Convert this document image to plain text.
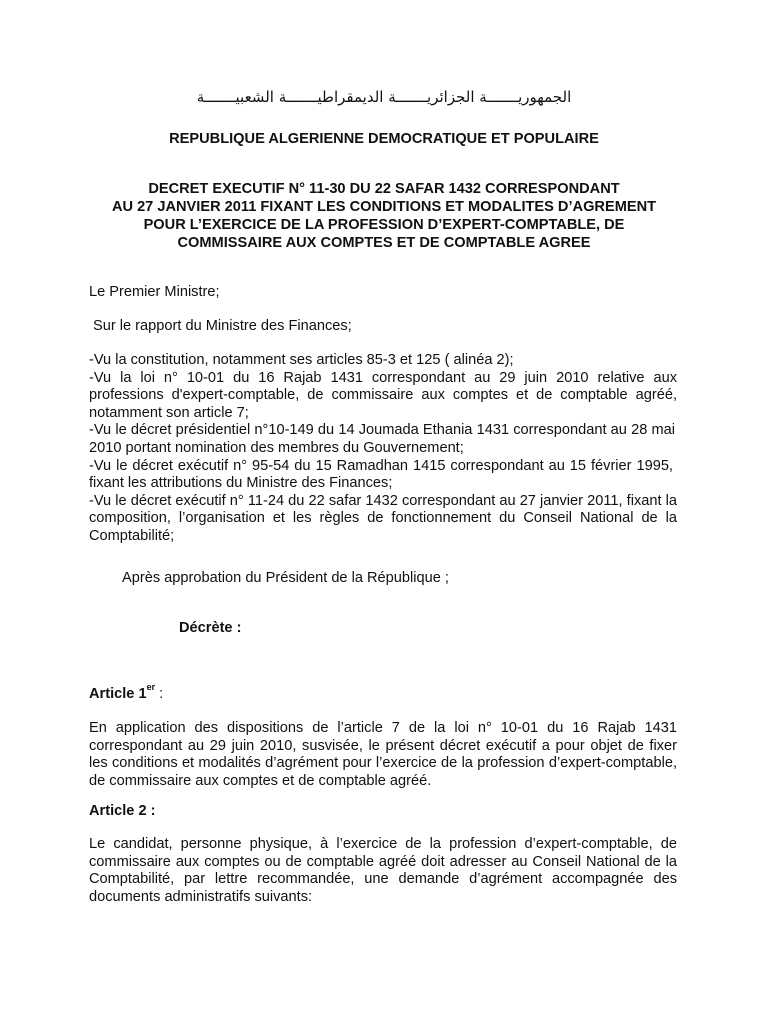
الجمهوريـــــــة الجزائريـــــــة الديمقراطيـــــــة الشعبيـــــــة
REPUBLIQUE ALGERIENNE DEMOCRATIQUE ET POPULAIRE
DECRET EXECUTIF N° 11-30 DU 22 SAFAR 1432 CORRESPONDANT
AU 27 JANVIER 2011 FIXANT LES CONDITIONS ET MODALITES D’AGREMENT
POUR L’EXERCICE DE LA PROFESSION D’EXPERT-COMPTABLE, DE
COMMISSAIRE AUX COMPTES ET DE COMPTABLE AGREE
Le Premier Ministre;
Sur le rapport du Ministre des Finances;

-Vu la constitution, notamment ses articles 85-3 et 125 ( alinéa 2);

-Vu la loi n° 10-01 du 16 Rajab 1431 correspondant au 29 juin 2010 relative aux professions d'expert-comptable, de commissaire aux comptes et de comptable agréé, notamment son article 7;

-Vu le décret présidentiel n°10-149 du 14 Joumada Ethania 1431 correspondant au 28 mai 2010 portant nomination des membres du Gouvernement;

-Vu le décret exécutif n° 95-54 du 15 Ramadhan 1415 correspondant au 15 février 1995, fixant les attributions du Ministre des Finances;

-Vu le décret exécutif n° 11-24 du 22 safar 1432 correspondant au 27 janvier 2011, fixant la composition, l’organisation et les règles de fonctionnement du Conseil National de la Comptabilité;

Après approbation du Président de la République ;
Décrète :
Article 1er :
En application des dispositions de l’article 7 de la loi n° 10-01 du 16 Rajab 1431 correspondant au 29 juin 2010, susvisée, le présent décret exécutif a pour objet de fixer les conditions et modalités d’agrément pour l’exercice de la profession d’expert-comptable, de commissaire aux comptes et de comptable agréé.
Article 2 :
Le candidat, personne physique, à l’exercice de la profession d’expert-comptable, de commissaire aux comptes ou de comptable agréé doit adresser au Conseil National de la Comptabilité, par lettre recommandée, une demande d’agrément accompagnée des documents administratifs suivants:
